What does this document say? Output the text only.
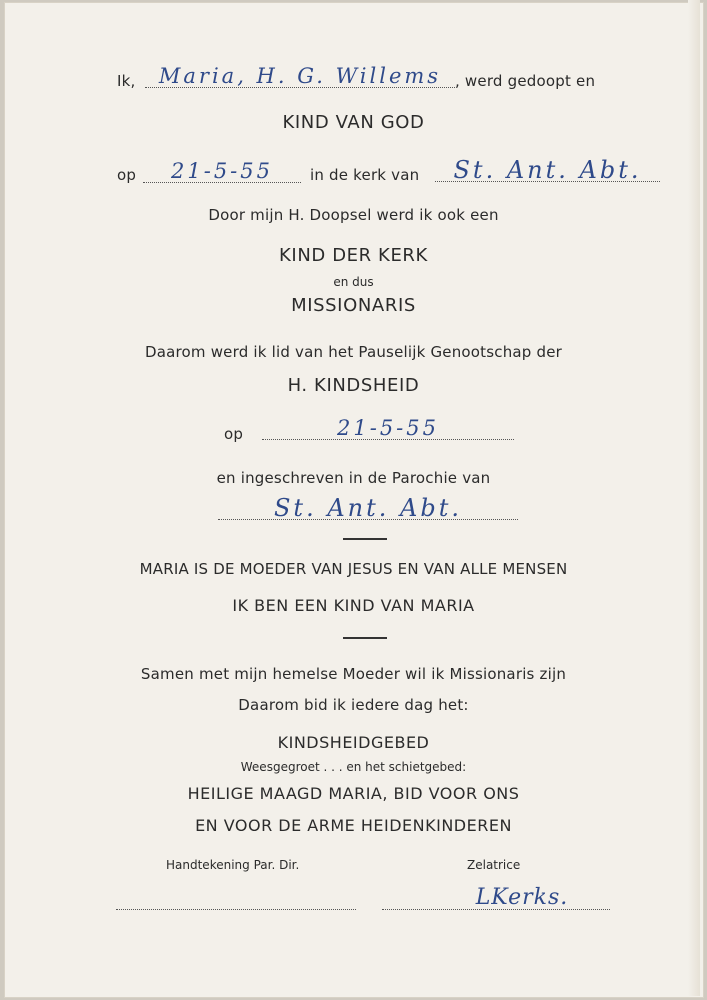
Ik,	Maria, H. G. Willems , werd gedoopt en
KIND VAN GOD
op	21-5-55	in de kerk van	St. Ant. Abt.
Door mijn H. Doopsel werd ik ook een
KIND DER KERK
en dus
MISSIONARIS
Daarom werd ik lid van het Pauselijk Genootschap der
H. KINDSHEID
op	21-5-55
en ingeschreven in de Parochie van
St. Ant. Abt.
MARIA IS DE MOEDER VAN JESUS EN VAN ALLE MENSEN
IK BEN EEN KIND VAN MARIA
Samen met mijn hemelse Moeder wil ik Missionaris zijn
Daarom bid ik iedere dag het:
KINDSHEIDGEBED
Weesgegroet . . . en het schietgebed:
HEILIGE MAAGD MARIA, BID VOOR ONS
EN VOOR DE ARME HEIDENKINDEREN
Handtekening Par. Dir.	Zelatrice
LKerks.
